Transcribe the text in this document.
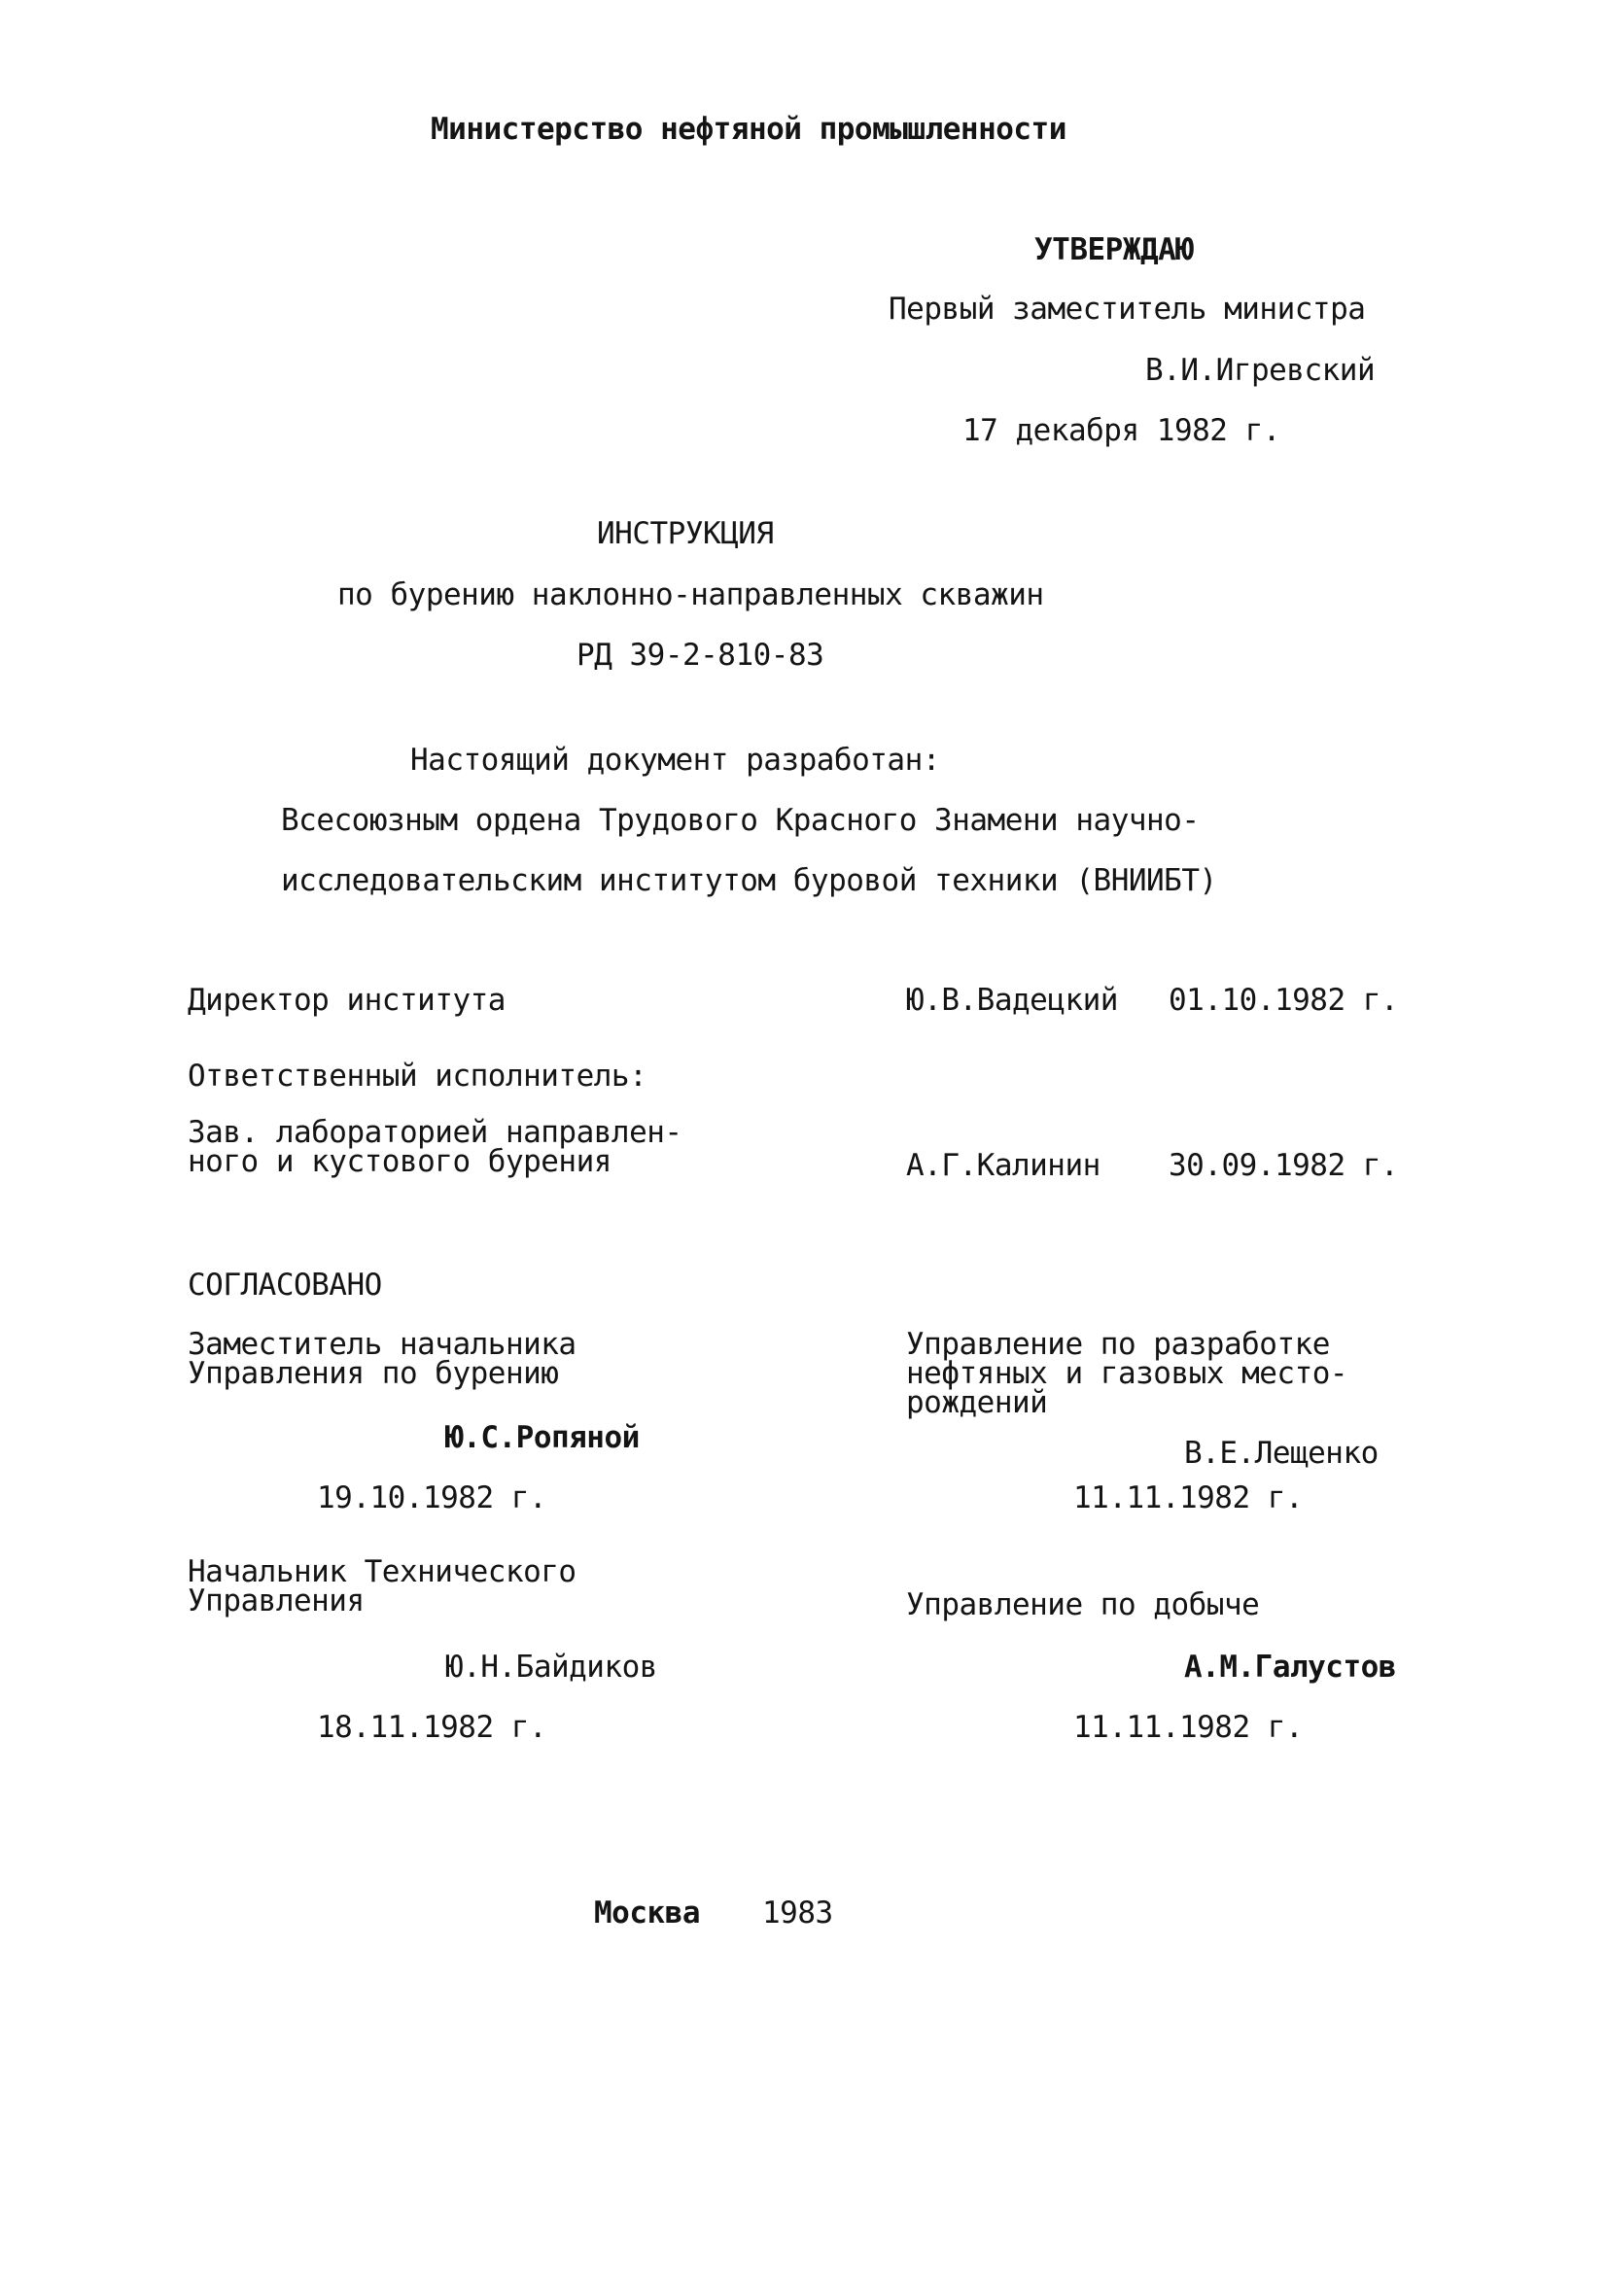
Министерство нефтяной промышленности
УТВЕРЖДАЮ
Первый заместитель министра
В.И.Игревский
17 декабря 1982 г.
ИНСТРУКЦИЯ
по бурению наклонно-направленных скважин
РД 39-2-810-83
Настоящий документ разработан:
Всесоюзным ордена Трудового Красного Знамени научно-
исследовательским институтом буровой техники (ВНИИБТ)
Директор института	Ю.В.Вадецкий 01.10.1982 г.
Ответственный исполнитель:
Зав. лабораторией направлен-
ного и кустового бурения	А.Г.Калинин 30.09.1982 г.
СОГЛАСОВАНО
Заместитель начальника
Управления по бурению
Ю.С.Ропяной
19.10.1982 г.
Управление по разработке
нефтяных и газовых место-
рождений
В.Е.Лещенко
11.11.1982 г.
Начальник Технического
Управления
Ю.Н.Байдиков
18.11.1982 г.
Управление по добыче
А.М.Галустов
11.11.1982 г.
Москва 1983
